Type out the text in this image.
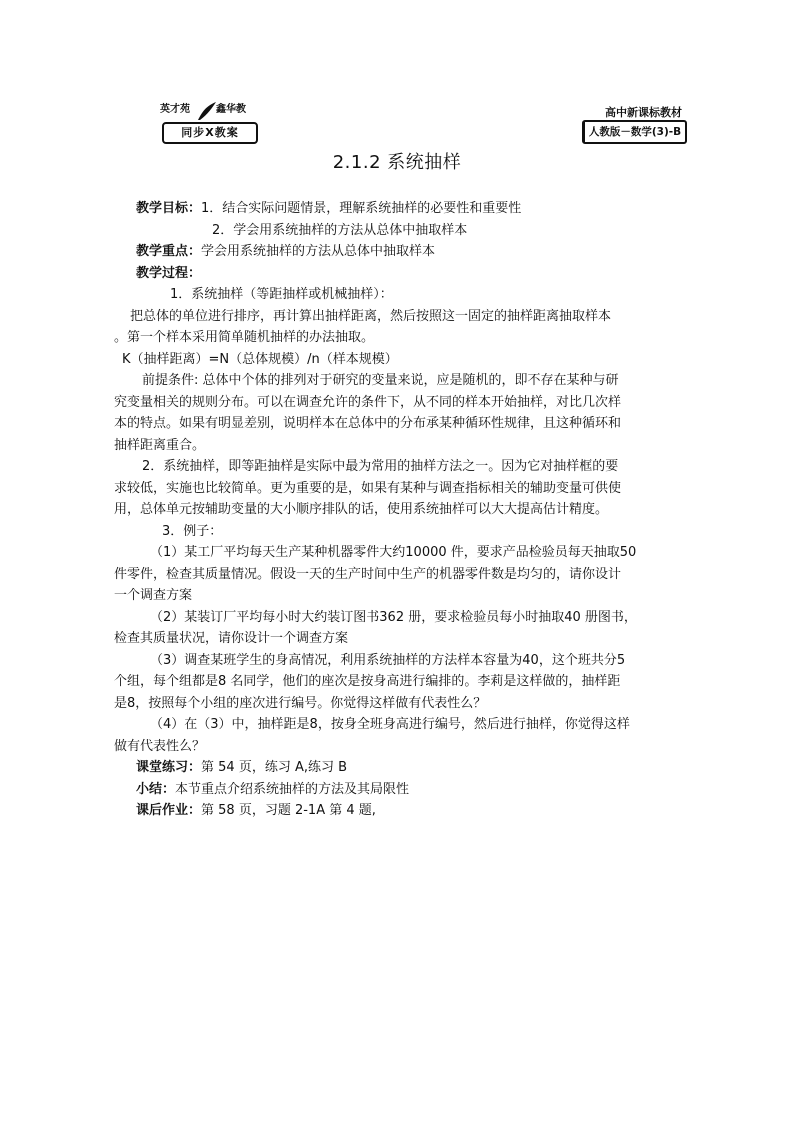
英才苑	鑫华教
同步X教案
高中新课标教材
人教版－数学(3)-B
2.1.2 系统抽样

教学目标：1．结合实际问题情景，理解系统抽样的必要性和重要性

2．学会用系统抽样的方法从总体中抽取样本

教学重点：学会用系统抽样的方法从总体中抽取样本

教学过程：

1．系统抽样（等距抽样或机械抽样）：

把总体的单位进行排序，再计算出抽样距离，然后按照这一固定的抽样距离抽取样本

。第一个样本采用简单随机抽样的办法抽取。

K（抽样距离）=N（总体规模）/n（样本规模）

前提条件: 总体中个体的排列对于研究的变量来说，应是随机的，即不存在某种与研

究变量相关的规则分布。可以在调查允许的条件下，从不同的样本开始抽样，对比几次样

本的特点。如果有明显差别，说明样本在总体中的分布承某种循环性规律，且这种循环和

抽样距离重合。

2．系统抽样，即等距抽样是实际中最为常用的抽样方法之一。因为它对抽样框的要

求较低，实施也比较简单。更为重要的是，如果有某种与调查指标相关的辅助变量可供使

用，总体单元按辅助变量的大小顺序排队的话，使用系统抽样可以大大提高估计精度。

3．例子：

（1）某工厂平均每天生产某种机器零件大约10000 件，要求产品检验员每天抽取50

件零件，检查其质量情况。假设一天的生产时间中生产的机器零件数是均匀的，请你设计

一个调查方案

（2）某装订厂平均每小时大约装订图书362 册，要求检验员每小时抽取40 册图书，

检查其质量状况，请你设计一个调查方案

（3）调查某班学生的身高情况，利用系统抽样的方法样本容量为40，这个班共分5

个组，每个组都是8 名同学，他们的座次是按身高进行编排的。李莉是这样做的，抽样距

是8，按照每个小组的座次进行编号。你觉得这样做有代表性么？

（4）在（3）中，抽样距是8，按身全班身高进行编号，然后进行抽样，你觉得这样

做有代表性么？

课堂练习：第 54 页，练习 A,练习 B

小结：本节重点介绍系统抽样的方法及其局限性

课后作业：第 58 页，习题 2-1A 第 4 题,
